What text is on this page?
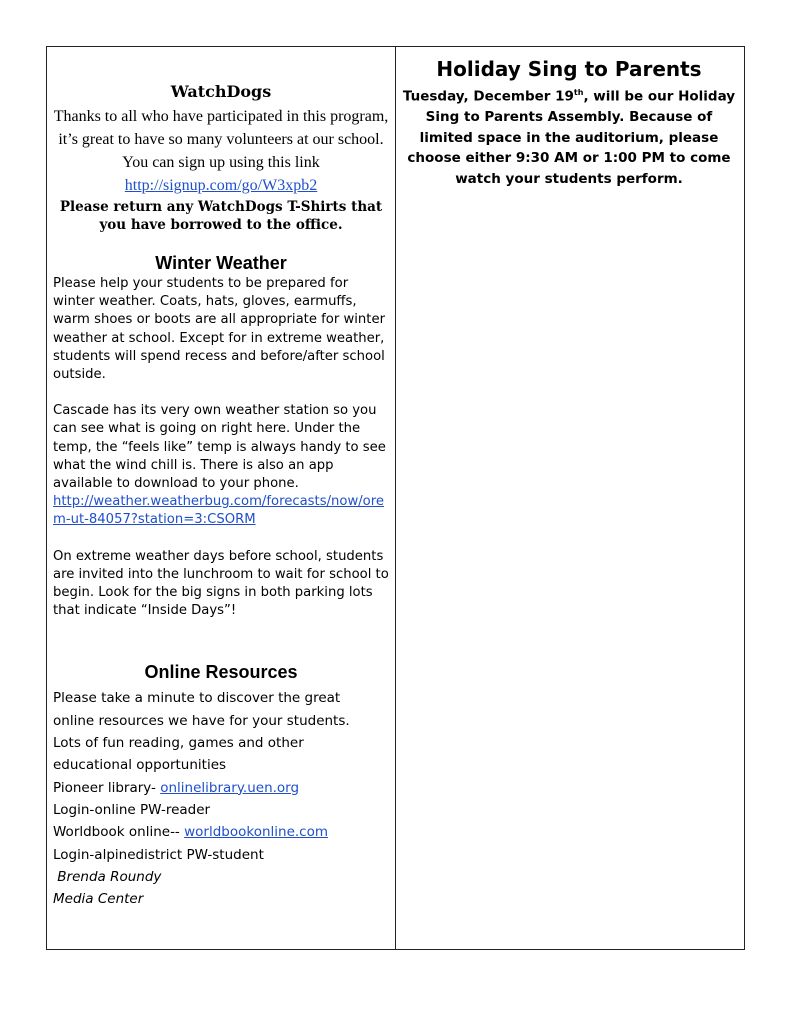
WatchDogs

Thanks to all who have participated in this program, it’s great to have so many volunteers at our school. You can sign up using this link http://signup.com/go/W3xpb2

Please return any WatchDogs T-Shirts that you have borrowed to the office.

Winter Weather

Please help your students to be prepared for winter weather. Coats, hats, gloves, earmuffs, warm shoes or boots are all appropriate for winter weather at school. Except for in extreme weather, students will spend recess and before/after school outside.

Cascade has its very own weather station so you can see what is going on right here. Under the temp, the “feels like” temp is always handy to see what the wind chill is. There is also an app available to download to your phone.
http://weather.weatherbug.com/forecasts/now/orem-ut-84057?station=3:CSORM

On extreme weather days before school, students are invited into the lunchroom to wait for school to begin. Look for the big signs in both parking lots that indicate “Inside Days”!

Online Resources

Please take a minute to discover the great

online resources we have for your students.

Lots of fun reading, games and other

educational opportunities

Pioneer library- onlinelibrary.uen.org

Login-online PW-reader

Worldbook online-- worldbookonline.com

Login-alpinedistrict PW-student

Brenda Roundy

Media Center

Holiday Sing to Parents

Tuesday, December 19th, will be our Holiday Sing to Parents Assembly. Because of limited space in the auditorium, please choose either 9:30 AM or 1:00 PM to come watch your students perform.
